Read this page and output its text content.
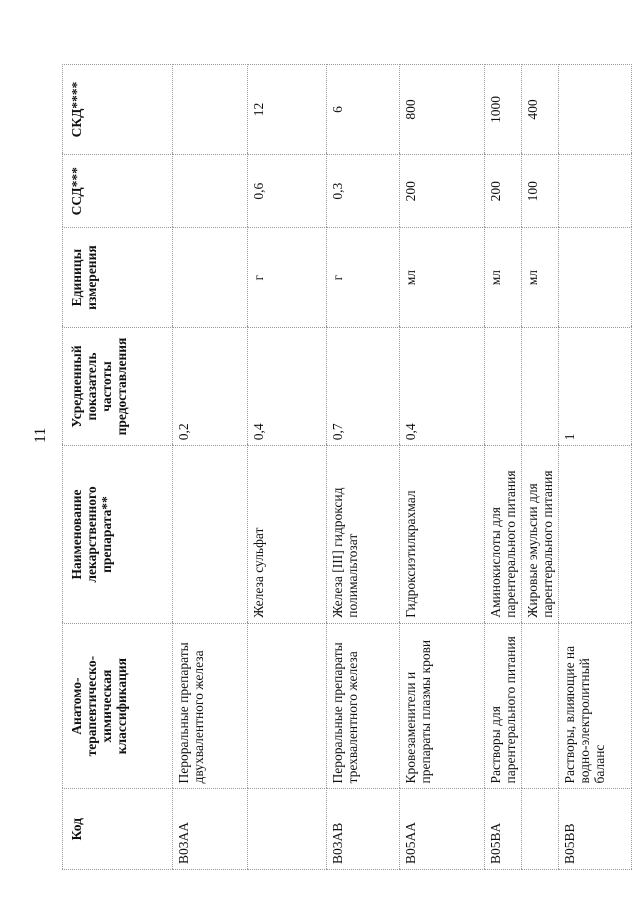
11
Код	Анатомо-терапевтическо-химическая классификация	Наименование лекарственного препарата**	Усредненный показатель частоты предоставления	Единицы измерения	ССД***	СКД****
B03AA	Пероральные препараты двухвалентного железа		0,2			
		Железа сульфат	0,4	г	0,6	12
B03AB	Пероральные препараты трехвалентного железа	Железа [III] гидроксид полимальтозат	0,7	г	0,3	6
B05AA	Кровезаменители и препараты плазмы крови	Гидроксиэтилкрахмал	0,4	мл	200	800
B05BA	Растворы для парентерального питания	Аминокислоты для парентерального питания		мл	200	1000
		Жировые эмульсии для парентерального питания		мл	100	400
B05BB	Растворы, влияющие на водно-электролитный баланс		1			
